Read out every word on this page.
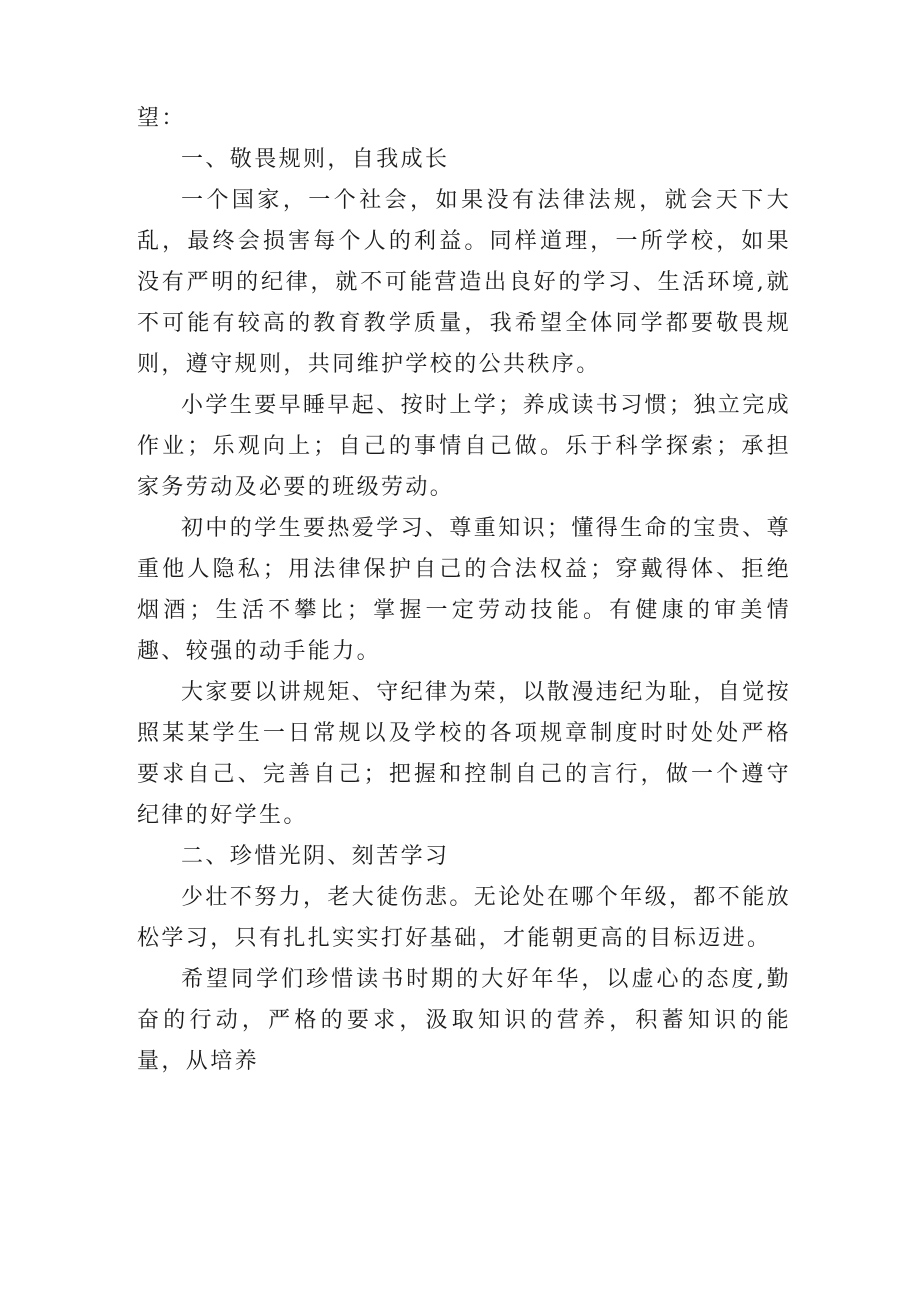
望：

一、敬畏规则，自我成长

一个国家，一个社会，如果没有法律法规，就会天下大乱，最终会损害每个人的利益。同样道理，一所学校，如果没有严明的纪律，就不可能营造出良好的学习、生活环境,就不可能有较高的教育教学质量，我希望全体同学都要敬畏规则，遵守规则，共同维护学校的公共秩序。

小学生要早睡早起、按时上学；养成读书习惯；独立完成作业；乐观向上；自己的事情自己做。乐于科学探索；承担家务劳动及必要的班级劳动。

初中的学生要热爱学习、尊重知识；懂得生命的宝贵、尊重他人隐私；用法律保护自己的合法权益；穿戴得体、拒绝烟酒；生活不攀比；掌握一定劳动技能。有健康的审美情趣、较强的动手能力。

大家要以讲规矩、守纪律为荣，以散漫违纪为耻，自觉按照某某学生一日常规以及学校的各项规章制度时时处处严格要求自己、完善自己；把握和控制自己的言行，做一个遵守纪律的好学生。

二、珍惜光阴、刻苦学习

少壮不努力，老大徒伤悲。无论处在哪个年级，都不能放松学习，只有扎扎实实打好基础，才能朝更高的目标迈进。

希望同学们珍惜读书时期的大好年华，以虚心的态度,勤奋的行动，严格的要求，汲取知识的营养，积蓄知识的能量，从培养
